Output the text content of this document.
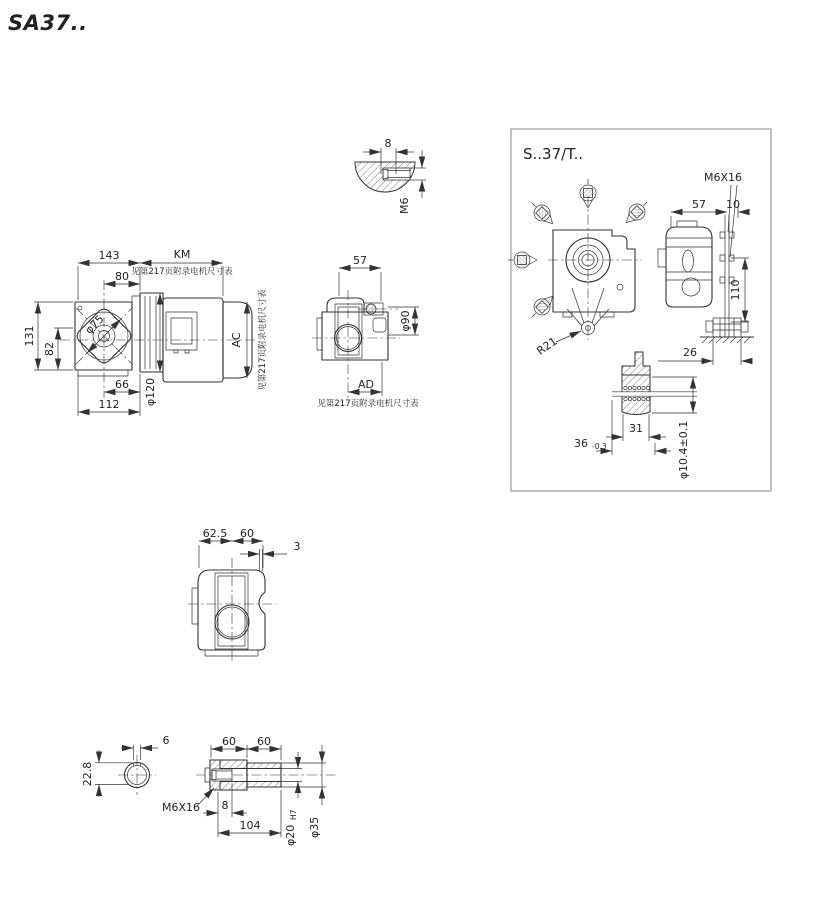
SA37..
8
M6
φ75
143	KM
见第217页附录电机尺寸表
80
131
82
66
112 φ120
AC 见第217页附录电机尺寸表
57
φ90
AD
见第217页附录电机尺寸表
S..37/T..
R21
M6X16
57 10
110
26
31
36 -0.3	φ10.4±0.1
62.5 60
3
6
22.8
60 60
M6X16 8
104 φ20
H7
φ35
